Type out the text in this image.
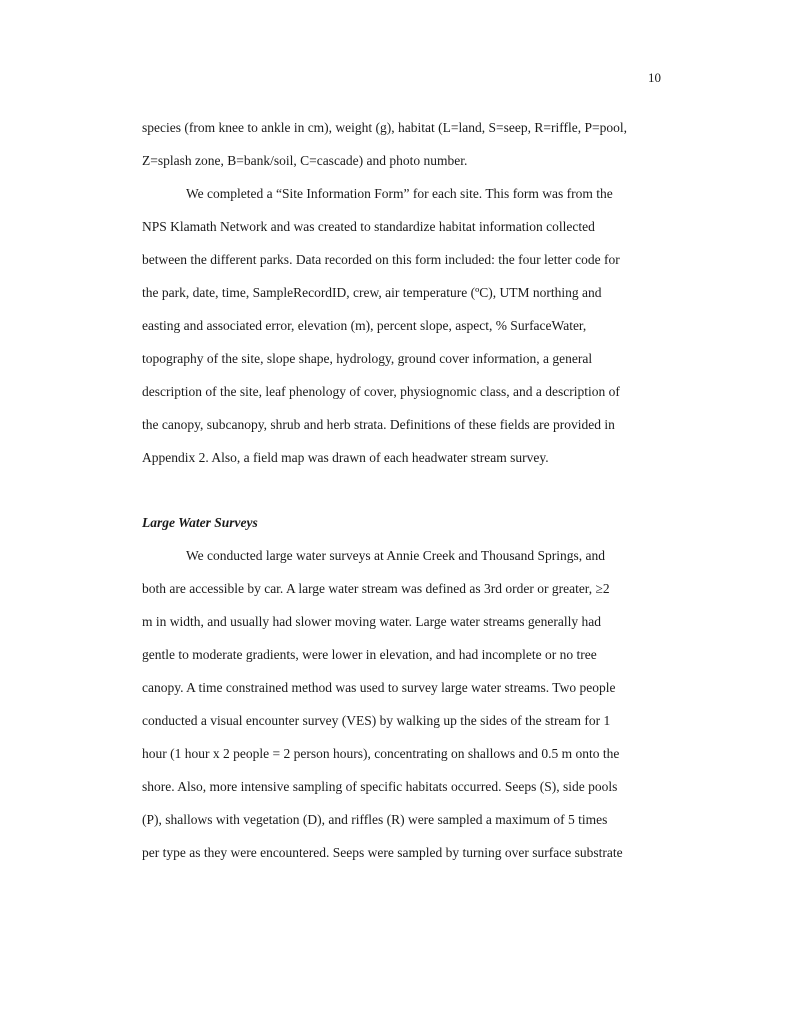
10
species (from knee to ankle in cm), weight (g), habitat (L=land, S=seep, R=riffle, P=pool,
Z=splash zone, B=bank/soil, C=cascade) and photo number.
We completed a “Site Information Form” for each site. This form was from the
NPS Klamath Network and was created to standardize habitat information collected
between the different parks. Data recorded on this form included: the four letter code for
the park, date, time, SampleRecordID, crew, air temperature (ºC), UTM northing and
easting and associated error, elevation (m), percent slope, aspect, % SurfaceWater,
topography of the site, slope shape, hydrology, ground cover information, a general
description of the site, leaf phenology of cover, physiognomic class, and a description of
the canopy, subcanopy, shrub and herb strata. Definitions of these fields are provided in
Appendix 2. Also, a field map was drawn of each headwater stream survey.
Large Water Surveys
We conducted large water surveys at Annie Creek and Thousand Springs, and
both are accessible by car. A large water stream was defined as 3rd order or greater, ≥2
m in width, and usually had slower moving water. Large water streams generally had
gentle to moderate gradients, were lower in elevation, and had incomplete or no tree
canopy. A time constrained method was used to survey large water streams. Two people
conducted a visual encounter survey (VES) by walking up the sides of the stream for 1
hour (1 hour x 2 people = 2 person hours), concentrating on shallows and 0.5 m onto the
shore. Also, more intensive sampling of specific habitats occurred. Seeps (S), side pools
(P), shallows with vegetation (D), and riffles (R) were sampled a maximum of 5 times
per type as they were encountered. Seeps were sampled by turning over surface substrate
